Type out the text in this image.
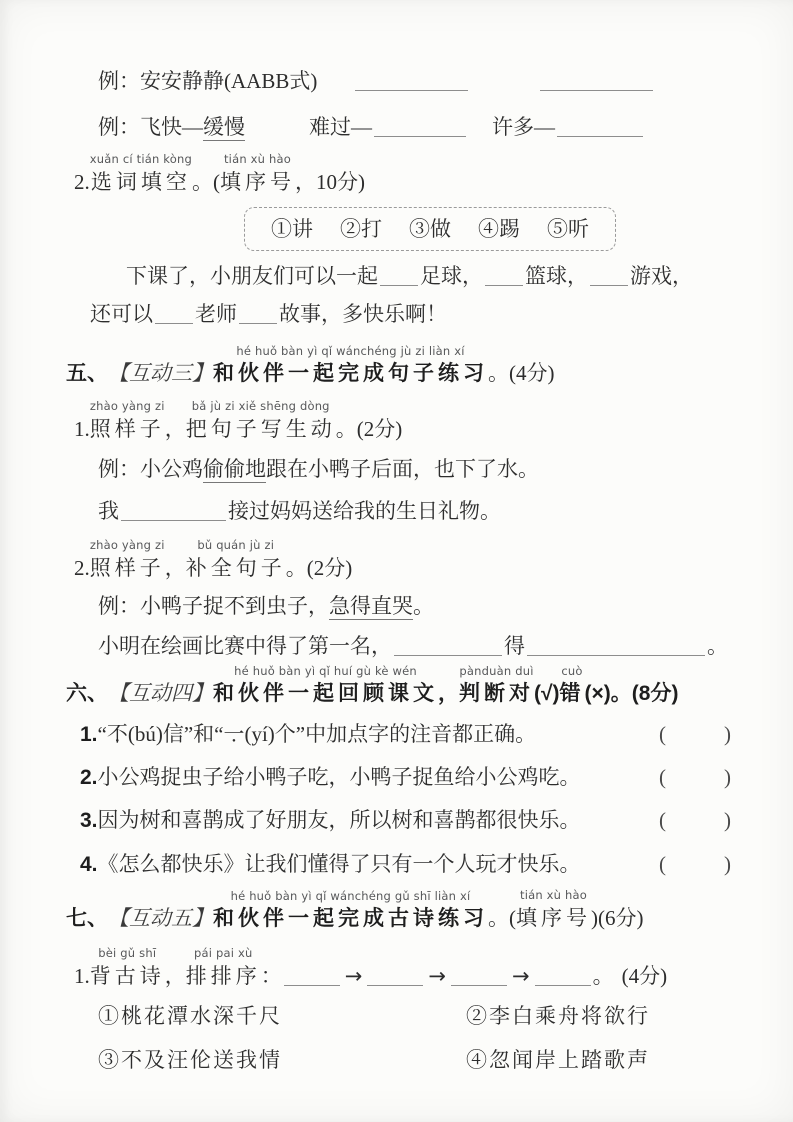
例：安安静静(AABB式)
例：飞快—缓慢	难过—	许多—
2.
xuǎn cí tián kòng
选词填空 。(
tián xù hào
填序号 ，10分)
①讲 ②打 ③做 ④踢 ⑤听
下课了，小朋友们可以一起 足球， 篮球， 游戏，
还可以 老师 故事，多快乐啊！
五、 【互动三】
hé huǒ bàn yì qǐ wánchéng jù zi liàn xí
和伙伴一起完成句子练习 。(4分)
1.
zhào yàng zi
照样子 ，
bǎ jù zi xiě shēng dòng
把句子写生动 。(2分)
例：小公鸡偷偷地跟在小鸭子后面，也下了水。
我	接过妈妈送给我的生日礼物。
2.
zhào yàng zi
照样子 ，
bǔ quán jù zi
补全句子 。(2分)
例：小鸭子捉不到虫子，急得直哭。
小明在绘画比赛中得了第一名，	得	。
六、 【互动四】
hé huǒ bàn yì qǐ huí gù kè wén
和伙伴一起回顾课文 ，
pànduàn duì
判断对 (√)
cuò
错 (×)。(8分)
1. “ 不 ● (bú)信”和“ 一 ● (yí)个”中加点字的注音都正确。	(	)
2. 小公鸡捉虫子给小鸭子吃，小鸭子捉鱼给小公鸡吃。	(	)
3. 因为树和喜鹊成了好朋友，所以树和喜鹊都很快乐。	(	)
4. 《怎么都快乐》让我们懂得了只有一个人玩才快乐。	(	)
七、 【互动五】
hé huǒ bàn yì qǐ wánchéng gǔ shī liàn xí
和伙伴一起完成古诗练习 。(
tián xù hào
填序号 )(6分)
1.
bèi gǔ shī
背古诗 ，
pái pai xù
排排序 ：	→	→	→	。 (4分)
①桃花潭水深千尺	②李白乘舟将欲行
③不及汪伦送我情	④忽闻岸上踏歌声
